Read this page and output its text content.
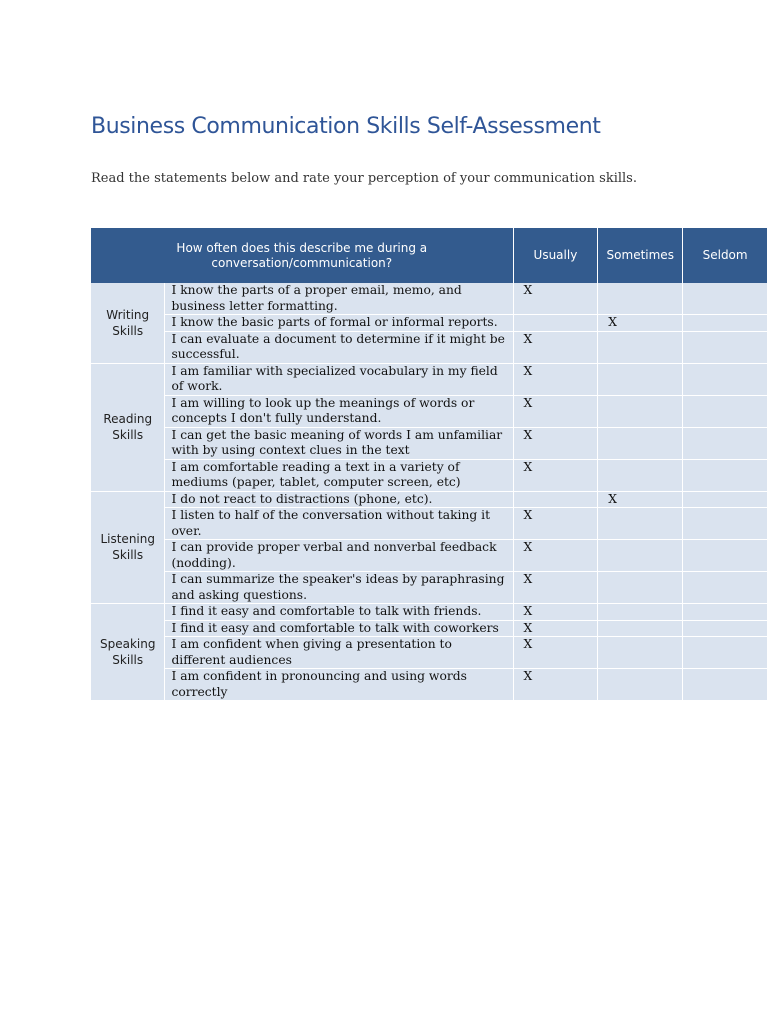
Business Communication Skills Self-Assessment

Read the statements below and rate your perception of your communication skills.

How often does this describe me during a conversation/communication?		Usually	Sometimes	Seldom
Writing Skills	I know the parts of a proper email, memo, and business letter formatting.	X		
	I know the basic parts of formal or informal reports.		X	
	I can evaluate a document to determine if it might be successful.	X		
Reading Skills	I am familiar with specialized vocabulary in my field of work.	X		
	I am willing to look up the meanings of words or concepts I don't fully understand.	X		
	I can get the basic meaning of words I am unfamiliar with by using context clues in the text	X		
	I am comfortable reading a text in a variety of mediums (paper, tablet, computer screen, etc)	X		
Listening Skills	I do not react to distractions (phone, etc).		X	
	I listen to half of the conversation without taking it over.	X		
	I can provide proper verbal and nonverbal feedback (nodding).	X		
	I can summarize the speaker's ideas by paraphrasing and asking questions.	X		
Speaking Skills	I find it easy and comfortable to talk with friends.	X		
	I find it easy and comfortable to talk with coworkers	X		
	I am confident when giving a presentation to different audiences	X		
	I am confident in pronouncing and using words correctly	X		
